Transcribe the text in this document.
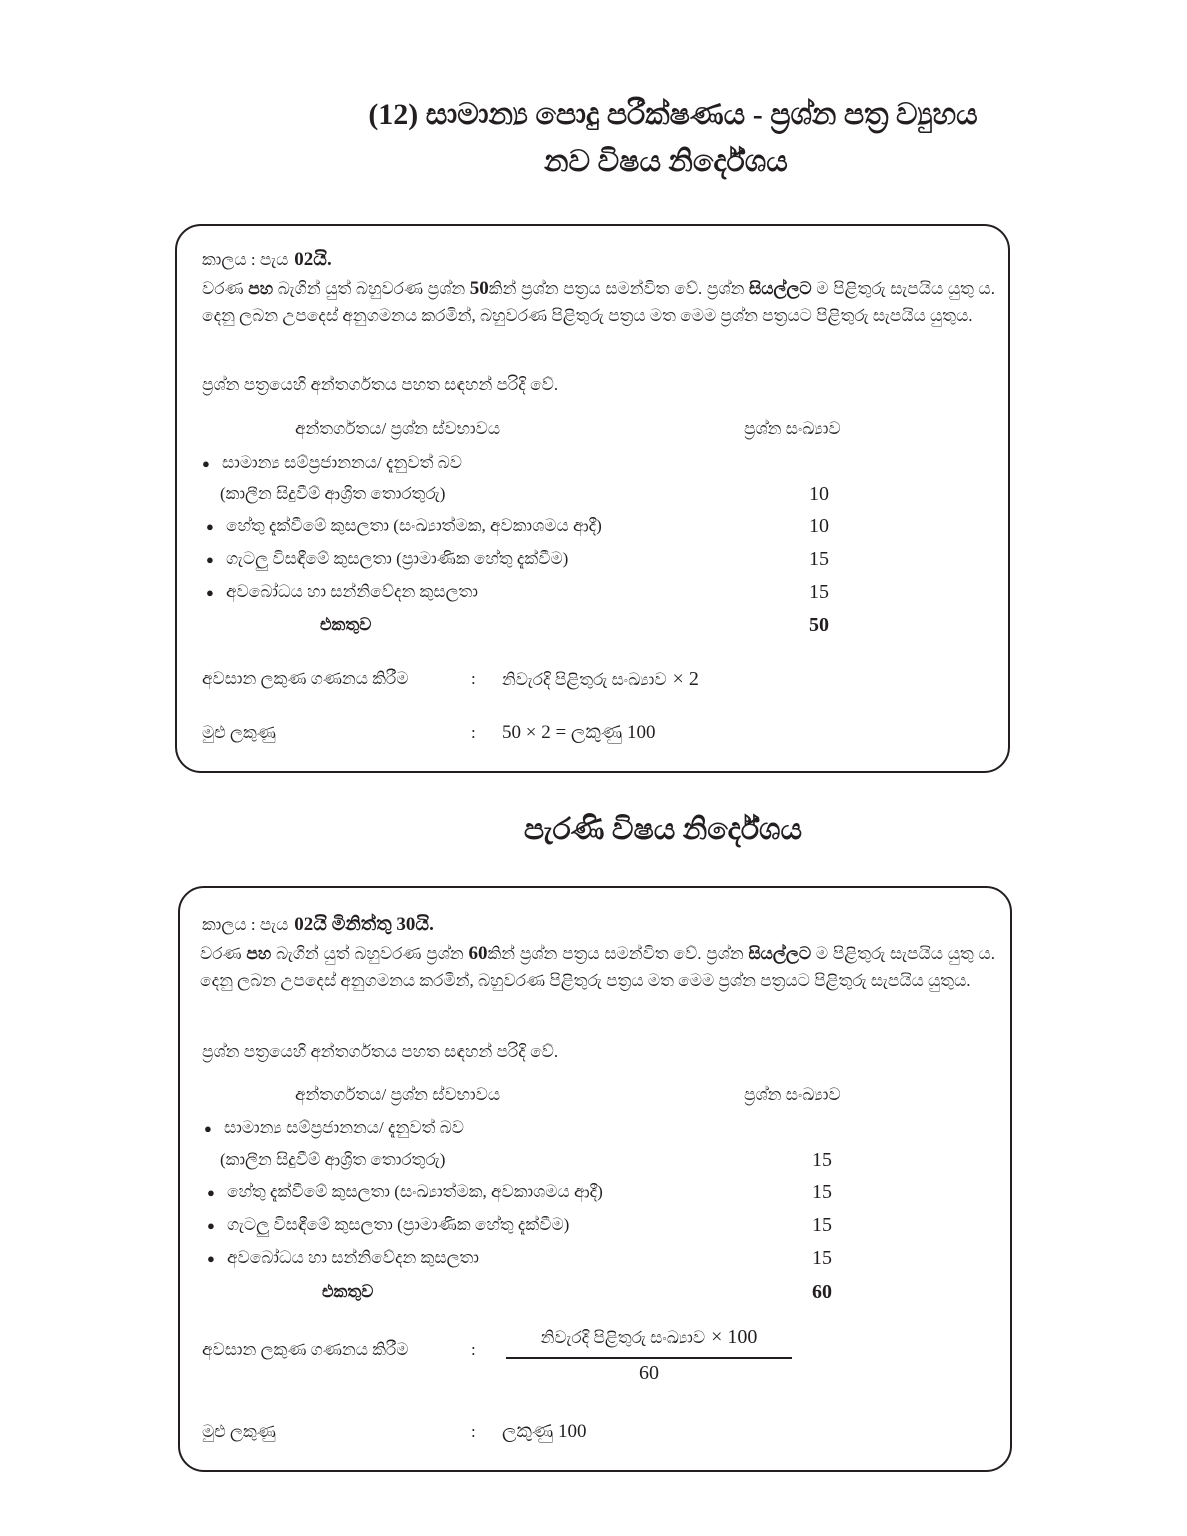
(12) සාමාන්‍ය පොදු පරීක්ෂණය - ප්‍රශ්න පත්‍ර ව්‍යුහය
නව විෂය නිර්දේශය
කාලය : පැය 02යි.
වරණ පහ බැගින් යුත් බහුවරණ ප්‍රශ්න 50කින් ප්‍රශ්න පත්‍රය සමන්විත වේ. ප්‍රශ්න සියල්ලට ම පිළිතුරු සැපයිය යුතු ය. දෙනු ලබන උපදෙස් අනුගමනය කරමින්, බහුවරණ පිළිතුරු පත්‍රය මත මෙම ප්‍රශ්න පත්‍රයට පිළිතුරු සැපයිය යුතුය.
ප්‍රශ්න පත්‍රයෙහි අන්තර්ගතය පහත සඳහන් පරිදි වේ.
අන්තර්ගතය/ ප්‍රශ්න ස්වභාවය	ප්‍රශ්න සංඛ්‍යාව
●
සාමාන්‍ය සම්ප්‍රජානනය/ දැනුවත් බව
(කාලීන සිදුවීම් ආශ්‍රිත තොරතුරු)	10
●
හේතු දැක්වීමේ කුසලතා (සංඛ්‍යාත්මක, අවකාශමය ආදී)	10
●
ගැටලු විසඳීමේ කුසලතා (ප්‍රාමාණික හේතු දැක්වීම)	15
●
අවබෝධය හා සන්නිවේදන කුසලතා	15
එකතුව	50
අවසාන ලකුණ ගණනය කිරීම	: නිවැරදි පිළිතුරු සංඛ්‍යාව × 2
මුළු ලකුණු	: 50 × 2 = ලකුණු 100
පැරණි විෂය නිර්දේශය
කාලය : පැය 02යි මිනිත්තු 30යි.
වරණ පහ බැගින් යුත් බහුවරණ ප්‍රශ්න 60කින් ප්‍රශ්න පත්‍රය සමන්විත වේ. ප්‍රශ්න සියල්ලට ම පිළිතුරු සැපයිය යුතු ය. දෙනු ලබන උපදෙස් අනුගමනය කරමින්, බහුවරණ පිළිතුරු පත්‍රය මත මෙම ප්‍රශ්න පත්‍රයට පිළිතුරු සැපයිය යුතුය.
ප්‍රශ්න පත්‍රයෙහි අන්තර්ගතය පහත සඳහන් පරිදි වේ.
අන්තර්ගතය/ ප්‍රශ්න ස්වභාවය	ප්‍රශ්න සංඛ්‍යාව
●
සාමාන්‍ය සම්ප්‍රජානනය/ දැනුවත් බව
(කාලීන සිදුවීම් ආශ්‍රිත තොරතුරු)	15
●
හේතු දැක්වීමේ කුසලතා (සංඛ්‍යාත්මක, අවකාශමය ආදී)	15
●
ගැටලු විසඳීමේ කුසලතා (ප්‍රාමාණික හේතු දැක්වීම)	15
●
අවබෝධය හා සන්නිවේදන කුසලතා	15
එකතුව	60
අවසාන ලකුණ ගණනය කිරීම	:
නිවැරදි පිළිතුරු සංඛ්‍යාව × 100
60
මුළු ලකුණු	: ලකුණු 100
